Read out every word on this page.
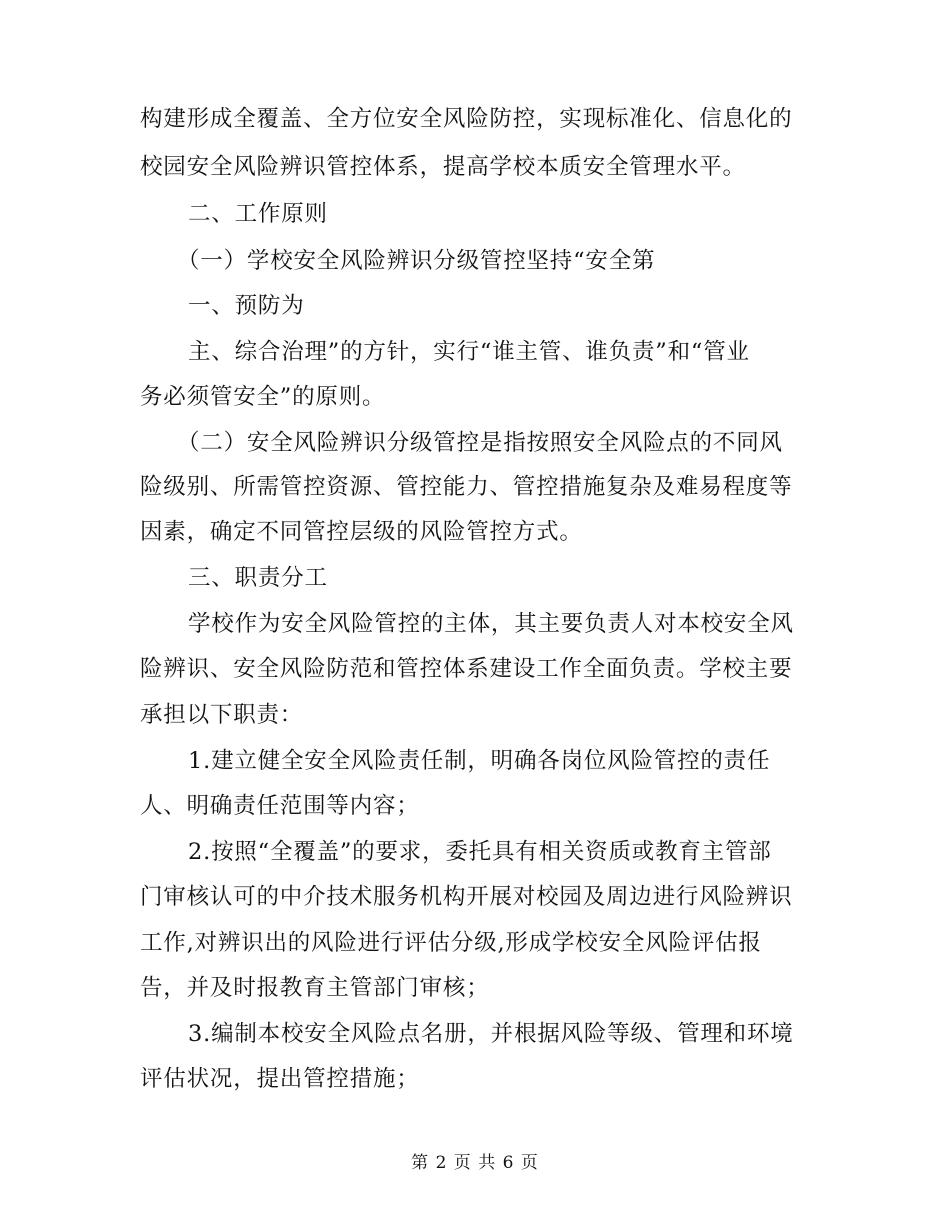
构建形成全覆盖、全方位安全风险防控，实现标准化、信息化的
校园安全风险辨识管控体系，提高学校本质安全管理水平。
二、工作原则
（一）学校安全风险辨识分级管控坚持“安全第
一、预防为
主、综合治理”的方针，实行“谁主管、谁负责”和“管业
务必须管安全”的原则。
（二）安全风险辨识分级管控是指按照安全风险点的不同风
险级别、所需管控资源、管控能力、管控措施复杂及难易程度等
因素，确定不同管控层级的风险管控方式。
三、职责分工
学校作为安全风险管控的主体，其主要负责人对本校安全风
险辨识、安全风险防范和管控体系建设工作全面负责。学校主要
承担以下职责：
1.建立健全安全风险责任制，明确各岗位风险管控的责任
人、明确责任范围等内容；
2.按照“全覆盖”的要求，委托具有相关资质或教育主管部
门审核认可的中介技术服务机构开展对校园及周边进行风险辨识
工作,对辨识出的风险进行评估分级,形成学校安全风险评估报
告，并及时报教育主管部门审核；
3.编制本校安全风险点名册，并根据风险等级、管理和环境
评估状况，提出管控措施；
第 2 页 共 6 页
